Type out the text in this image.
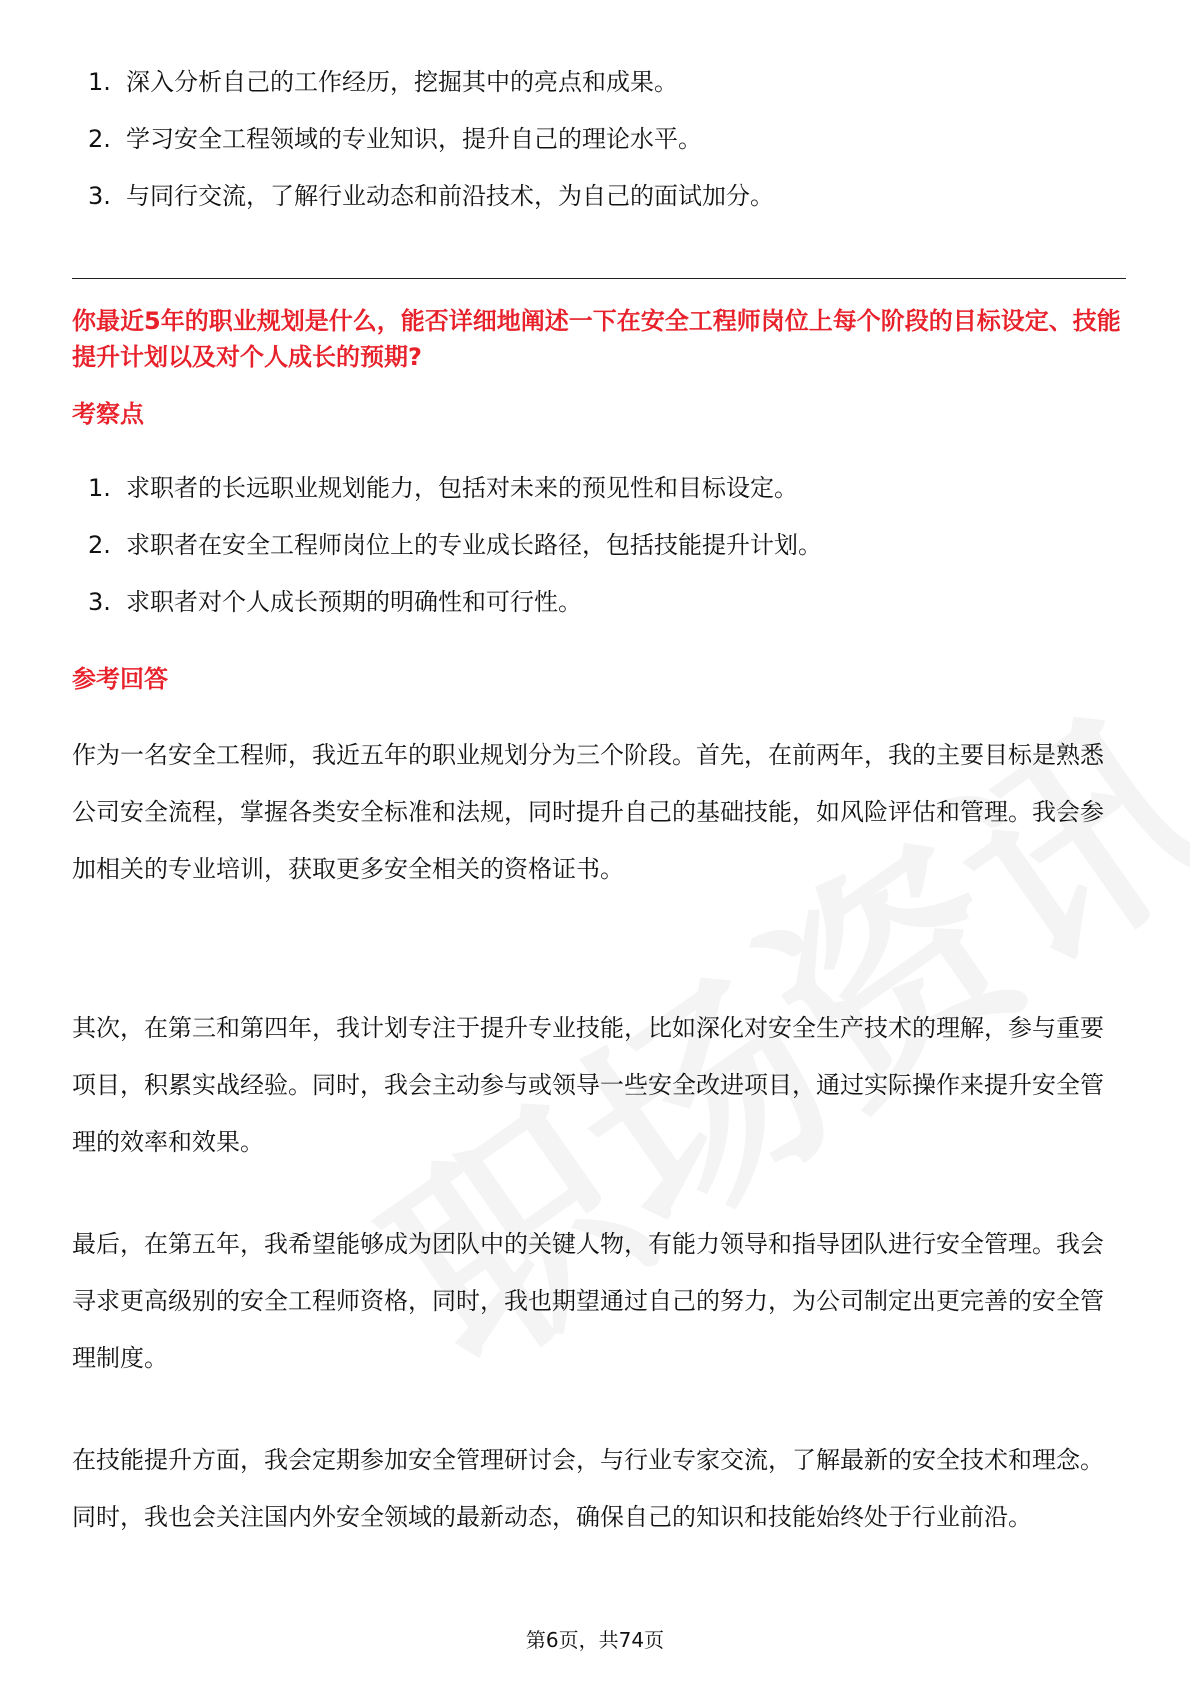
1. 深入分析自己的工作经历，挖掘其中的亮点和成果。
2. 学习安全工程领域的专业知识，提升自己的理论水平。
3. 与同行交流，了解行业动态和前沿技术，为自己的面试加分。
你最近5年的职业规划是什么，能否详细地阐述一下在安全工程师岗位上每个阶段的目标设定、技能提升计划以及对个人成长的预期?
考察点
1. 求职者的长远职业规划能力，包括对未来的预见性和目标设定。
2. 求职者在安全工程师岗位上的专业成长路径，包括技能提升计划。
3. 求职者对个人成长预期的明确性和可行性。
参考回答

作为一名安全工程师，我近五年的职业规划分为三个阶段。首先，在前两年，我的主要目标是熟悉公司安全流程，掌握各类安全标准和法规，同时提升自己的基础技能，如风险评估和管理。我会参加相关的专业培训，获取更多安全相关的资格证书。

其次，在第三和第四年，我计划专注于提升专业技能，比如深化对安全生产技术的理解，参与重要项目，积累实战经验。同时，我会主动参与或领导一些安全改进项目，通过实际操作来提升安全管理的效率和效果。

最后，在第五年，我希望能够成为团队中的关键人物，有能力领导和指导团队进行安全管理。我会寻求更高级别的安全工程师资格，同时，我也期望通过自己的努力，为公司制定出更完善的安全管理制度。

在技能提升方面，我会定期参加安全管理研讨会，与行业专家交流，了解最新的安全技术和理念。同时，我也会关注国内外安全领域的最新动态，确保自己的知识和技能始终处于行业前沿。

第6页，共74页
